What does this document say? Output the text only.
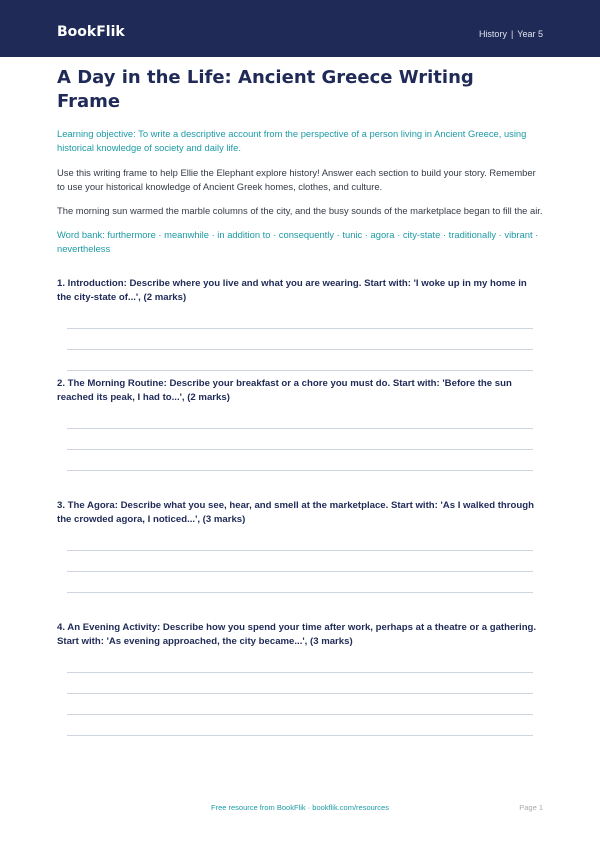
BookFlik	History | Year 5
A Day in the Life: Ancient Greece Writing Frame

Learning objective: To write a descriptive account from the perspective of a person living in Ancient Greece, using historical knowledge of society and daily life.

Use this writing frame to help Ellie the Elephant explore history! Answer each section to build your story. Remember to use your historical knowledge of Ancient Greek homes, clothes, and culture.

The morning sun warmed the marble columns of the city, and the busy sounds of the marketplace began to fill the air.

Word bank: furthermore · meanwhile · in addition to · consequently · tunic · agora · city-state · traditionally · vibrant · nevertheless

1. Introduction: Describe where you live and what you are wearing. Start with: 'I woke up in my home in the city-state of...', (2 marks)

2. The Morning Routine: Describe your breakfast or a chore you must do. Start with: 'Before the sun reached its peak, I had to...', (2 marks)

3. The Agora: Describe what you see, hear, and smell at the marketplace. Start with: 'As I walked through the crowded agora, I noticed...', (3 marks)

4. An Evening Activity: Describe how you spend your time after work, perhaps at a theatre or a gathering. Start with: 'As evening approached, the city became...', (3 marks)

Free resource from BookFlik · bookflik.com/resources	Page 1
